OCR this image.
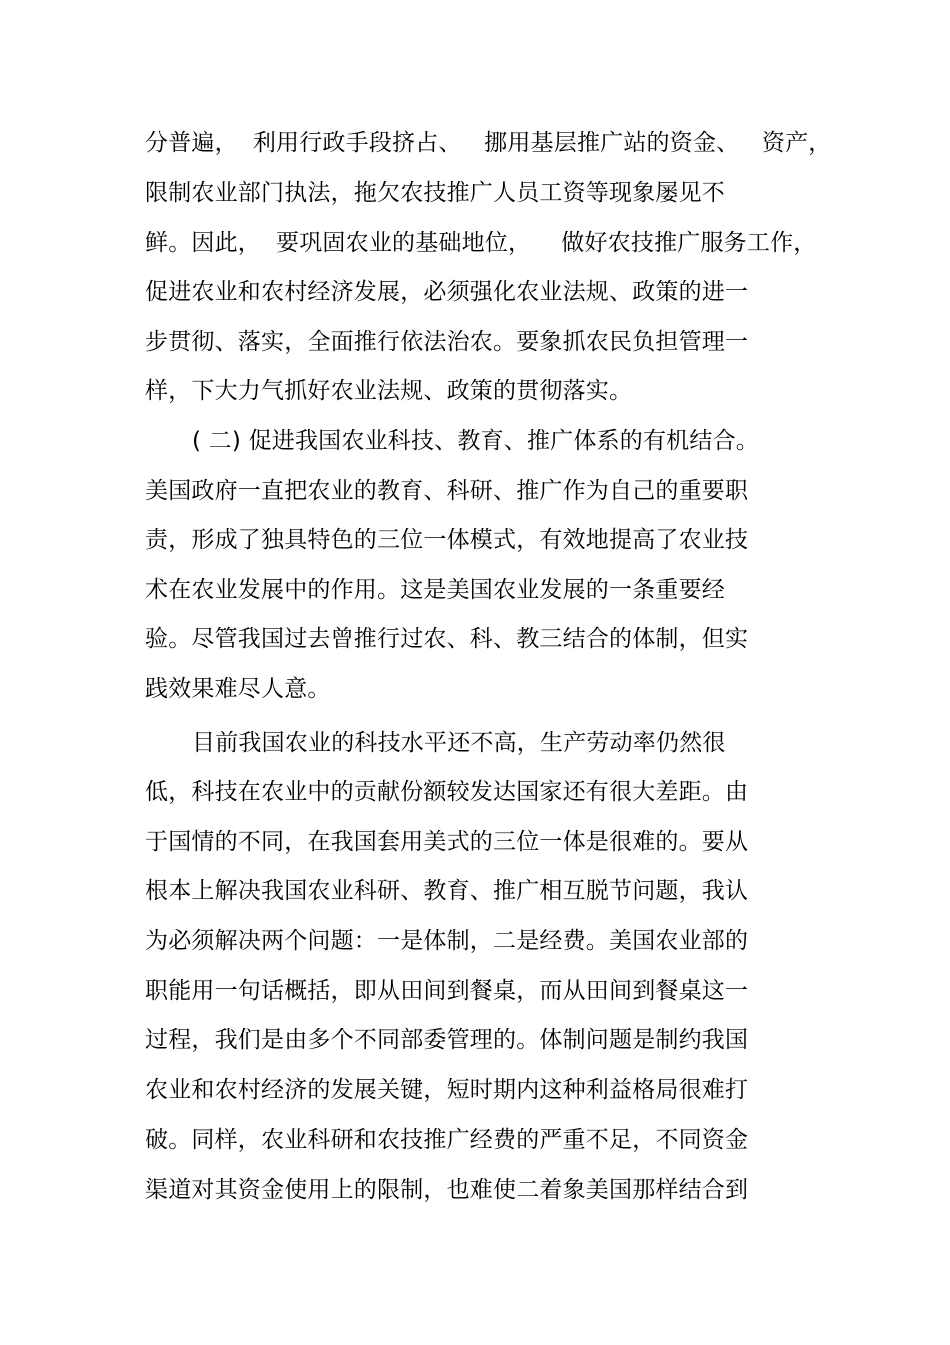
分普遍，  利用行政手段挤占、   挪用基层推广站的资金、   资产，
限制农业部门执法，拖欠农技推广人员工资等现象屡见不
鲜。因此，  要巩固农业的基础地位，    做好农技推广服务工作，
促进农业和农村经济发展，必须强化农业法规、政策的进一
步贯彻、落实，全面推行依法治农。要象抓农民负担管理一
样，下大力气抓好农业法规、政策的贯彻落实。
( 二) 促进我国农业科技、教育、推广体系的有机结合。
美国政府一直把农业的教育、科研、推广作为自己的重要职
责，形成了独具特色的三位一体模式，有效地提高了农业技
术在农业发展中的作用。这是美国农业发展的一条重要经
验。尽管我国过去曾推行过农、科、教三结合的体制，但实
践效果难尽人意。
目前我国农业的科技水平还不高，生产劳动率仍然很
低，科技在农业中的贡献份额较发达国家还有很大差距。由
于国情的不同，在我国套用美式的三位一体是很难的。要从
根本上解决我国农业科研、教育、推广相互脱节问题，我认
为必须解决两个问题：一是体制，二是经费。美国农业部的
职能用一句话概括，即从田间到餐桌，而从田间到餐桌这一
过程，我们是由多个不同部委管理的。体制问题是制约我国
农业和农村经济的发展关键，短时期内这种利益格局很难打
破。同样，农业科研和农技推广经费的严重不足，不同资金
渠道对其资金使用上的限制，也难使二着象美国那样结合到
